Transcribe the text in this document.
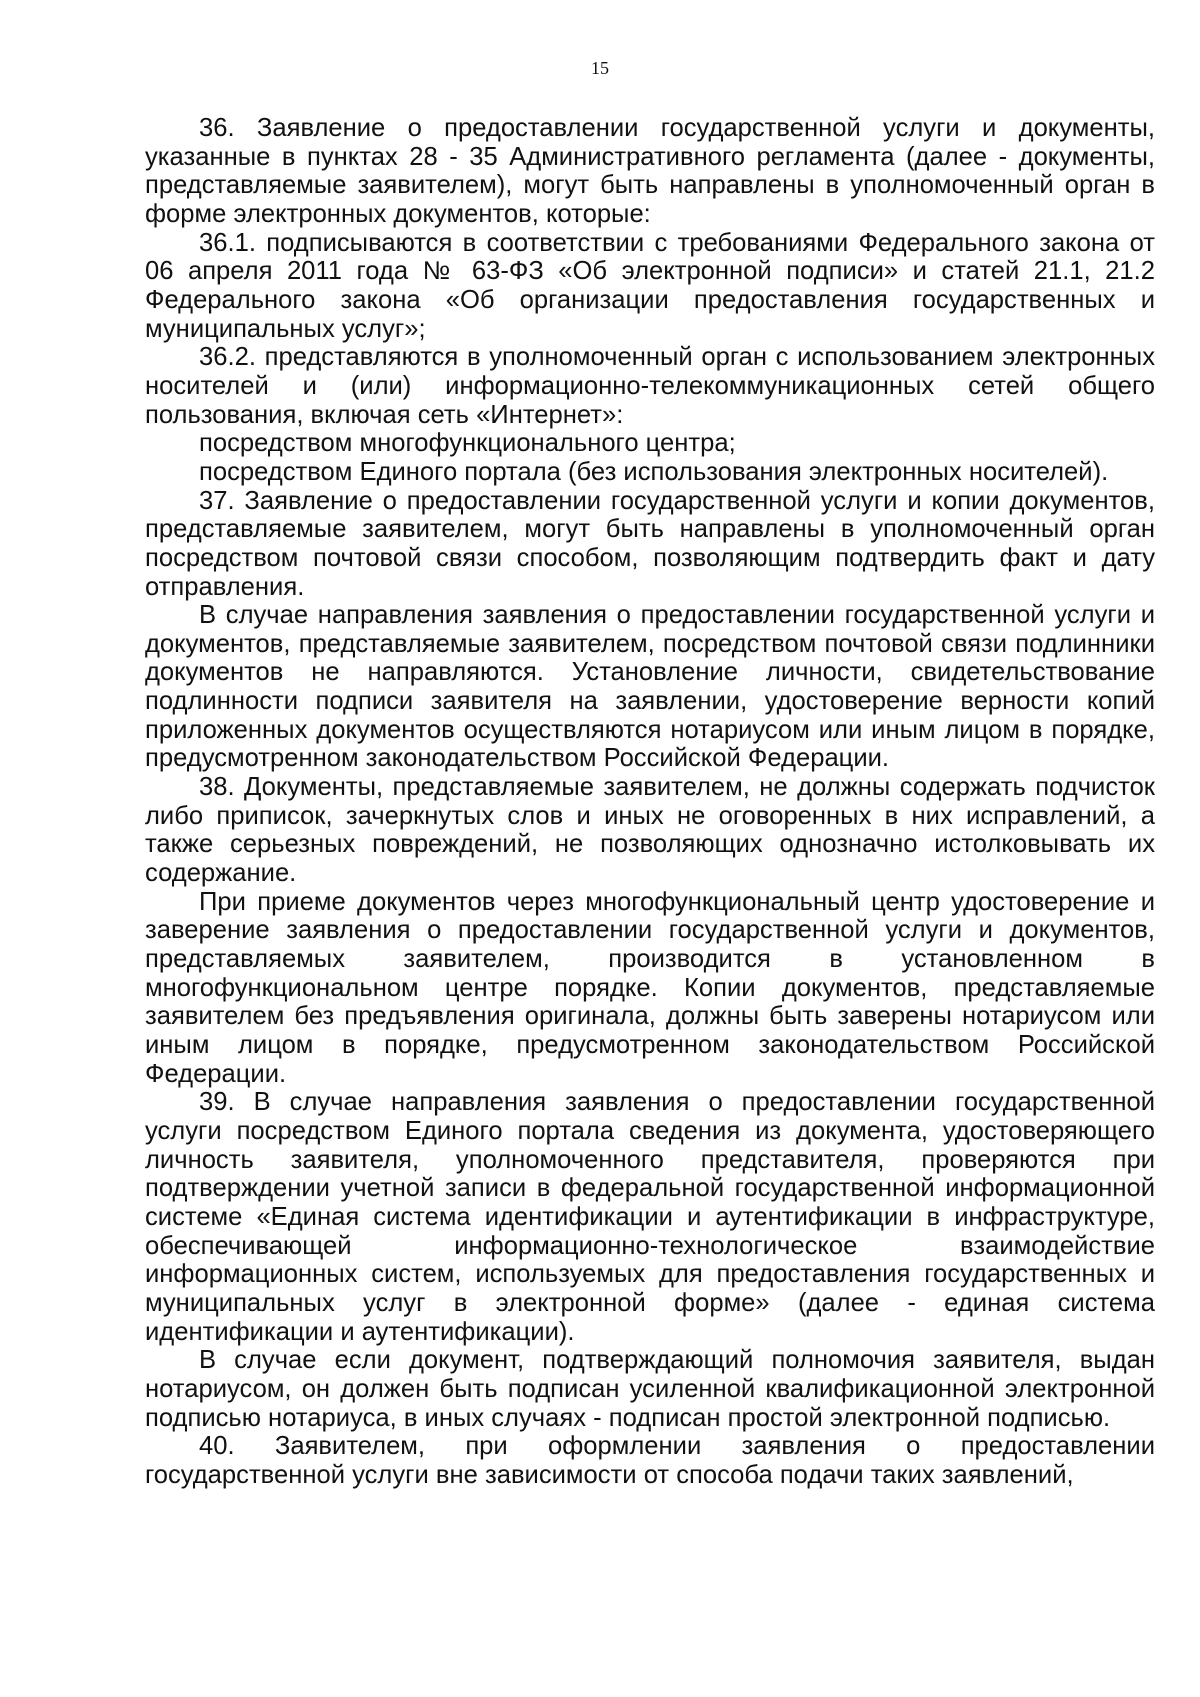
15

36. Заявление о предоставлении государственной услуги и документы, указанные в пунктах 28 - 35 Административного регламента (далее - документы, представляемые заявителем), могут быть направлены в уполномоченный орган в форме электронных документов, которые:

36.1. подписываются в соответствии с требованиями Федерального закона от 06 апреля 2011 года № 63-ФЗ «Об электронной подписи» и статей 21.1, 21.2 Федерального закона «Об организации предоставления государственных и муниципальных услуг»;

36.2. представляются в уполномоченный орган с использованием электронных носителей и (или) информационно-телекоммуникационных сетей общего пользования, включая сеть «Интернет»:

посредством многофункционального центра;

посредством Единого портала (без использования электронных носителей).

37. Заявление о предоставлении государственной услуги и копии документов, представляемые заявителем, могут быть направлены в уполномоченный орган посредством почтовой связи способом, позволяющим подтвердить факт и дату отправления.

В случае направления заявления о предоставлении государственной услуги и документов, представляемые заявителем, посредством почтовой связи подлинники документов не направляются. Установление личности, свидетельствование подлинности подписи заявителя на заявлении, удостоверение верности копий приложенных документов осуществляются нотариусом или иным лицом в порядке, предусмотренном законодательством Российской Федерации.

38. Документы, представляемые заявителем, не должны содержать подчисток либо приписок, зачеркнутых слов и иных не оговоренных в них исправлений, а также серьезных повреждений, не позволяющих однозначно истолковывать их содержание.

При приеме документов через многофункциональный центр удостоверение и заверение заявления о предоставлении государственной услуги и документов, представляемых заявителем, производится в установленном в многофункциональном центре порядке. Копии документов, представляемые заявителем без предъявления оригинала, должны быть заверены нотариусом или иным лицом в порядке, предусмотренном законодательством Российской Федерации.

39. В случае направления заявления о предоставлении государственной услуги посредством Единого портала сведения из документа, удостоверяющего личность заявителя, уполномоченного представителя, проверяются при подтверждении учетной записи в федеральной государственной информационной системе «Единая система идентификации и аутентификации в инфраструктуре, обеспечивающей информационно-технологическое взаимодействие информационных систем, используемых для предоставления государственных и муниципальных услуг в электронной форме» (далее - единая система идентификации и аутентификации).

В случае если документ, подтверждающий полномочия заявителя, выдан нотариусом, он должен быть подписан усиленной квалификационной электронной подписью нотариуса, в иных случаях - подписан простой электронной подписью.

40. Заявителем, при оформлении заявления о предоставлении государственной услуги вне зависимости от способа подачи таких заявлений,
